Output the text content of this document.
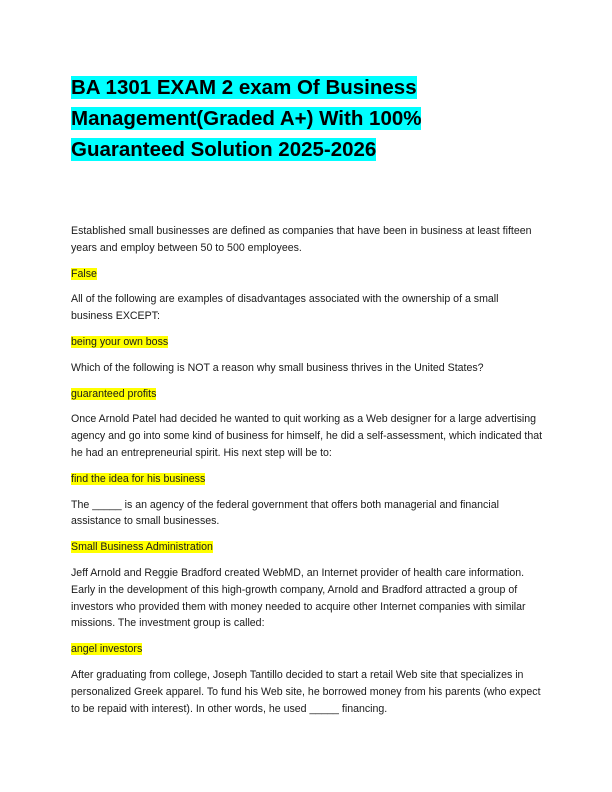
BA 1301 EXAM 2 exam Of Business Management(Graded A+) With 100% Guaranteed Solution 2025-2026

Established small businesses are defined as companies that have been in business at least fifteen years and employ between 50 to 500 employees.

False

All of the following are examples of disadvantages associated with the ownership of a small business EXCEPT:

being your own boss

Which of the following is NOT a reason why small business thrives in the United States?

guaranteed profits

Once Arnold Patel had decided he wanted to quit working as a Web designer for a large advertising agency and go into some kind of business for himself, he did a self-assessment, which indicated that he had an entrepreneurial spirit. His next step will be to:

find the idea for his business

The _____ is an agency of the federal government that offers both managerial and financial assistance to small businesses.

Small Business Administration

Jeff Arnold and Reggie Bradford created WebMD, an Internet provider of health care information. Early in the development of this high-growth company, Arnold and Bradford attracted a group of investors who provided them with money needed to acquire other Internet companies with similar missions. The investment group is called:

angel investors

After graduating from college, Joseph Tantillo decided to start a retail Web site that specializes in personalized Greek apparel. To fund his Web site, he borrowed money from his parents (who expect to be repaid with interest). In other words, he used _____ financing.
